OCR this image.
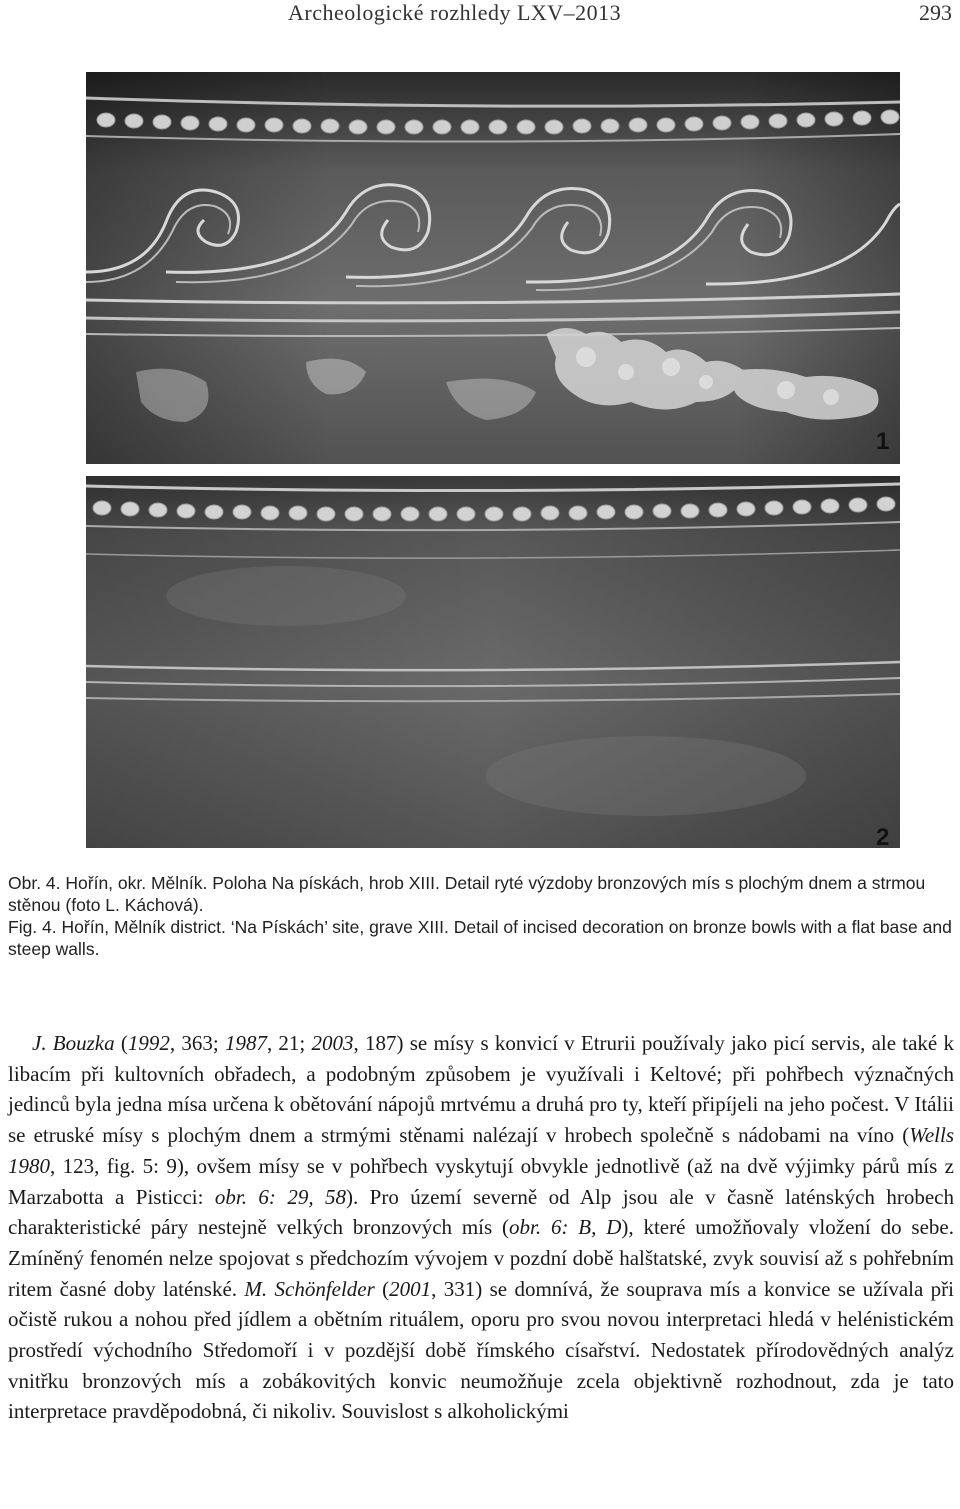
Archeologické rozhledy LXV–2013	293
1
2

Obr. 4. Hořín, okr. Mělník. Poloha Na pískách, hrob XIII. Detail ryté výzdoby bronzových mís s plochým dnem a strmou stěnou (foto L. Káchová).

Fig. 4. Hořín, Mělník district. ‘Na Pískách’ site, grave XIII. Detail of incised decoration on bronze bowls with a flat base and steep walls.

J. Bouzka (1992, 363; 1987, 21; 2003, 187) se mísy s konvicí v Etrurii používaly jako picí servis, ale také k libacím při kultovních obřadech, a podobným způsobem je využívali i Keltové; při pohřbech význačných jedinců byla jedna mísa určena k obětování nápojů mrtvému a druhá pro ty, kteří připíjeli na jeho počest. V Itálii se etruské mísy s plochým dnem a strmými stěnami nalézají v hrobech společně s nádobami na víno (Wells 1980, 123, fig. 5: 9), ovšem mísy se v pohřbech vyskytují obvykle jednotlivě (až na dvě výjimky párů mís z Marzabotta a Pisticci: obr. 6: 29, 58). Pro území severně od Alp jsou ale v časně laténských hrobech charakteristické páry nestejně velkých bronzových mís (obr. 6: B, D), které umožňovaly vložení do sebe. Zmíněný fenomén nelze spojovat s předchozím vývojem v pozdní době halštatské, zvyk souvisí až s pohřebním ritem časné doby laténské. M. Schönfelder (2001, 331) se domnívá, že souprava mís a konvice se užívala při očistě rukou a nohou před jídlem a obětním rituálem, oporu pro svou novou interpretaci hledá v helénistickém prostředí východního Středomoří i v pozdější době římského císařství. Nedostatek přírodovědných analýz vnitřku bronzových mís a zobákovitých konvic neumožňuje zcela objektivně rozhodnout, zda je tato interpretace pravděpodobná, či nikoliv. Souvislost s alkoholickými
